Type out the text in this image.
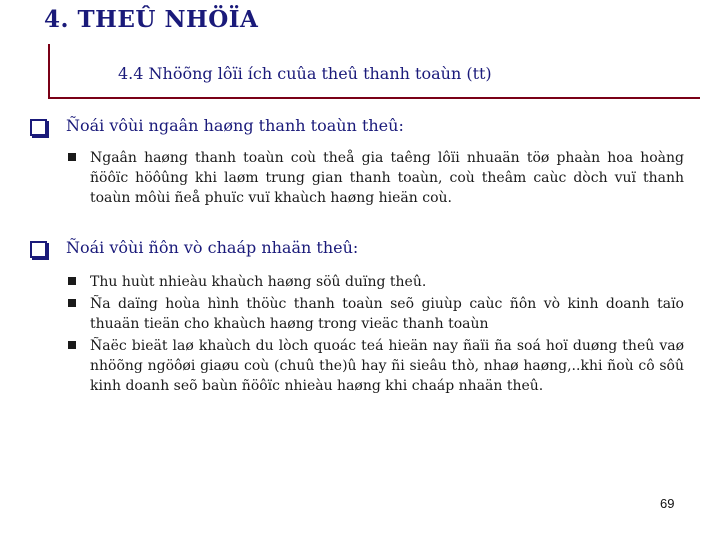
4. THEÛ NHÖÏA

4.4 Nhöõng lôïi ích cuûa theû thanh toaùn (tt)

Ñoái vôùi ngaân haøng thanh toaùn theû:
Ngaân haøng thanh toaùn coù theå gia taêng lôïi nhuaän töø phaàn hoa hoàng ñöôïc höôûng khi laøm trung gian thanh toaùn, coù theâm caùc dòch vuï thanh toaùn môùi ñeå phuïc vuï khaùch haøng hieän coù.
Ñoái vôùi ñôn vò chaáp nhaän theû:
Thu huùt nhieàu khaùch haøng söû duïng theû.
Ña daïng hoùa hình thöùc thanh toaùn seõ giuùp caùc ñôn vò kinh doanh taïo thuaän tieän cho khaùch haøng trong vieäc thanh toaùn
Ñaëc bieät laø khaùch du lòch quoác teá hieän nay ñaïi ña soá hoï duøng theû vaø nhöõng ngöôøi giaøu coù (chuû the)û hay ñi sieâu thò, nhaø haøng,..khi ñoù cô sôû kinh doanh seõ baùn ñöôïc nhieàu haøng khi chaáp nhaän theû.
69
